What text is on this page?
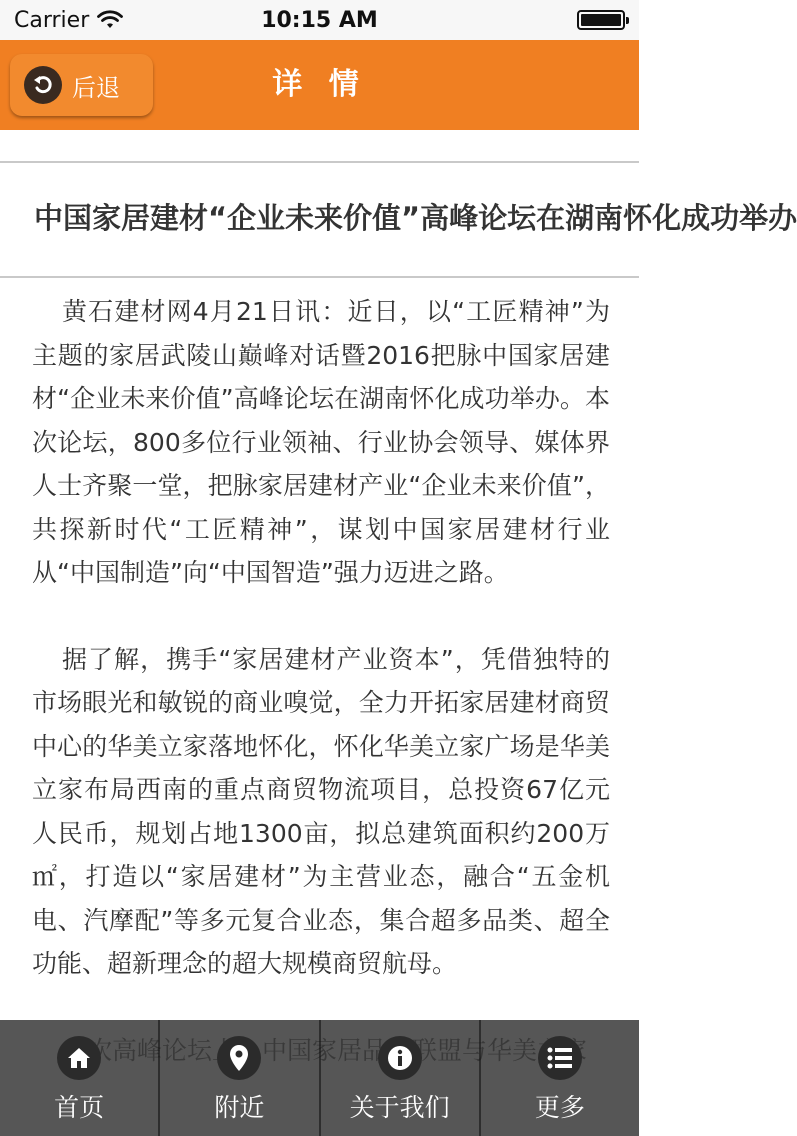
Carrier	10:15 AM
详 情
后退
中国家居建材“企业未来价值”高峰论坛在湖南怀化成功举办

黄石建材网4月21日讯：近日，以“工匠精神”为主题的家居武陵山巅峰对话暨2016把脉中国家居建材“企业未来价值”高峰论坛在湖南怀化成功举办。本次论坛，800多位行业领袖、行业协会领导、媒体界人士齐聚一堂，把脉家居建材产业“企业未来价值”，共探新时代“工匠精神”，谋划中国家居建材行业从“中国制造”向“中国智造”强力迈进之路。

据了解，携手“家居建材产业资本”，凭借独特的市场眼光和敏锐的商业嗅觉，全力开拓家居建材商贸中心的华美立家落地怀化，怀化华美立家广场是华美立家布局西南的重点商贸物流项目，总投资67亿元人民币，规划占地1300亩，拟总建筑面积约200万㎡，打造以“家居建材”为主营业态，融合“五金机电、汽摩配”等多元复合业态，集合超多品类、超全功能、超新理念的超大规模商贸航母。

首页	附近	关于我们	更多
